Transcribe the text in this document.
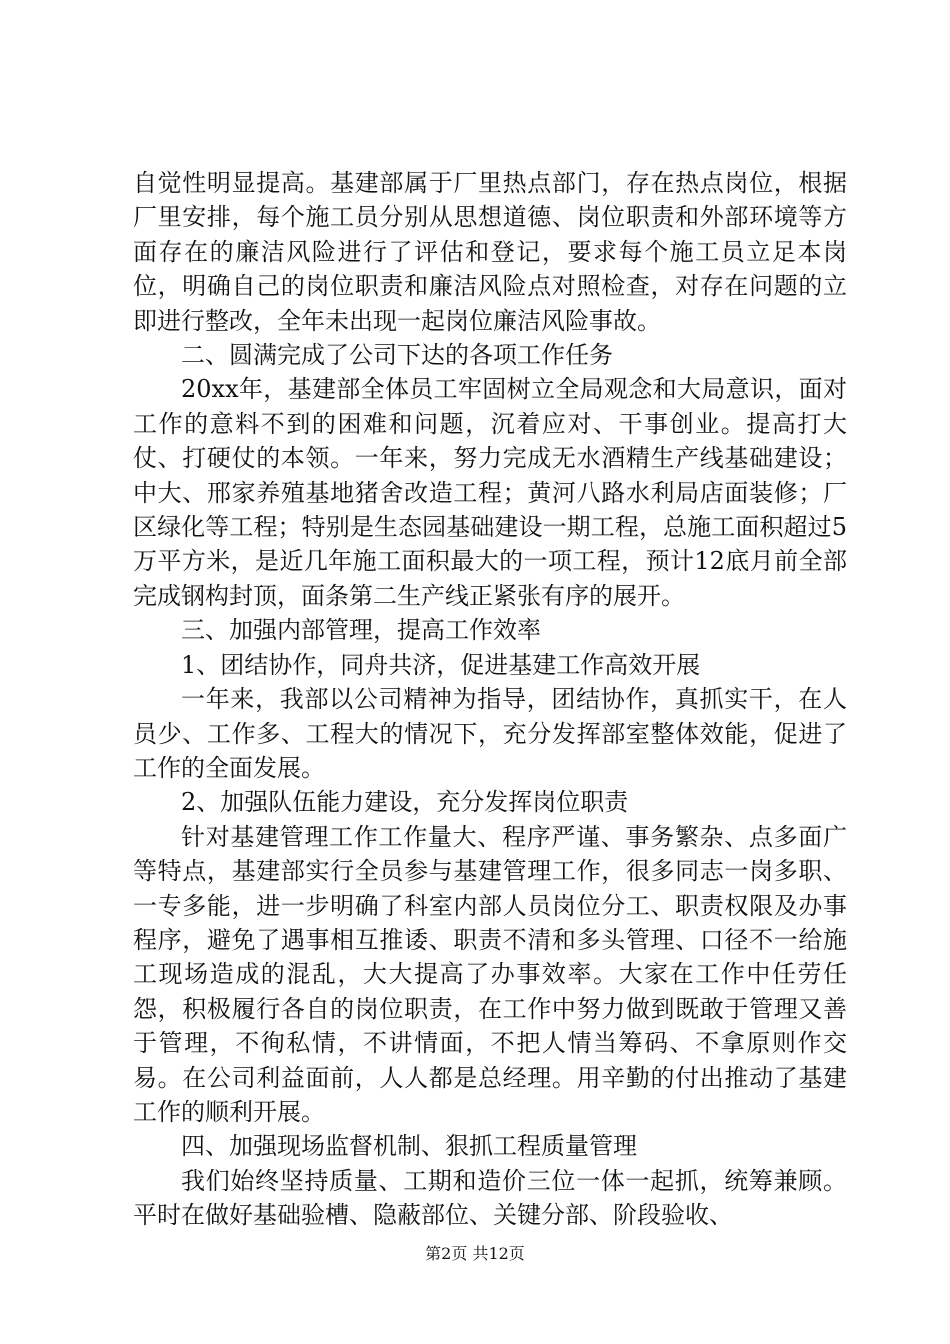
自觉性明显提高。基建部属于厂里热点部门，存在热点岗位，根据厂里安排，每个施工员分别从思想道德、岗位职责和外部环境等方面存在的廉洁风险进行了评估和登记，要求每个施工员立足本岗位，明确自己的岗位职责和廉洁风险点对照检查，对存在问题的立即进行整改，全年未出现一起岗位廉洁风险事故。

二、圆满完成了公司下达的各项工作任务

20xx年，基建部全体员工牢固树立全局观念和大局意识，面对工作的意料不到的困难和问题，沉着应对、干事创业。提高打大仗、打硬仗的本领。一年来，努力完成无水酒精生产线基础建设；中大、邢家养殖基地猪舍改造工程；黄河八路水利局店面装修；厂区绿化等工程；特别是生态园基础建设一期工程，总施工面积超过5万平方米，是近几年施工面积最大的一项工程，预计12底月前全部完成钢构封顶，面条第二生产线正紧张有序的展开。

三、加强内部管理，提高工作效率

1、团结协作，同舟共济，促进基建工作高效开展

一年来，我部以公司精神为指导，团结协作，真抓实干，在人员少、工作多、工程大的情况下，充分发挥部室整体效能，促进了工作的全面发展。

2、加强队伍能力建设，充分发挥岗位职责

针对基建管理工作工作量大、程序严谨、事务繁杂、点多面广等特点，基建部实行全员参与基建管理工作，很多同志一岗多职、一专多能，进一步明确了科室内部人员岗位分工、职责权限及办事程序，避免了遇事相互推诿、职责不清和多头管理、口径不一给施工现场造成的混乱，大大提高了办事效率。大家在工作中任劳任怨，积极履行各自的岗位职责，在工作中努力做到既敢于管理又善于管理，不徇私情，不讲情面，不把人情当筹码、不拿原则作交易。在公司利益面前，人人都是总经理。用辛勤的付出推动了基建工作的顺利开展。

四、加强现场监督机制、狠抓工程质量管理

我们始终坚持质量、工期和造价三位一体一起抓，统筹兼顾。平时在做好基础验槽、隐蔽部位、关键分部、阶段验收、

第2页 共12页
